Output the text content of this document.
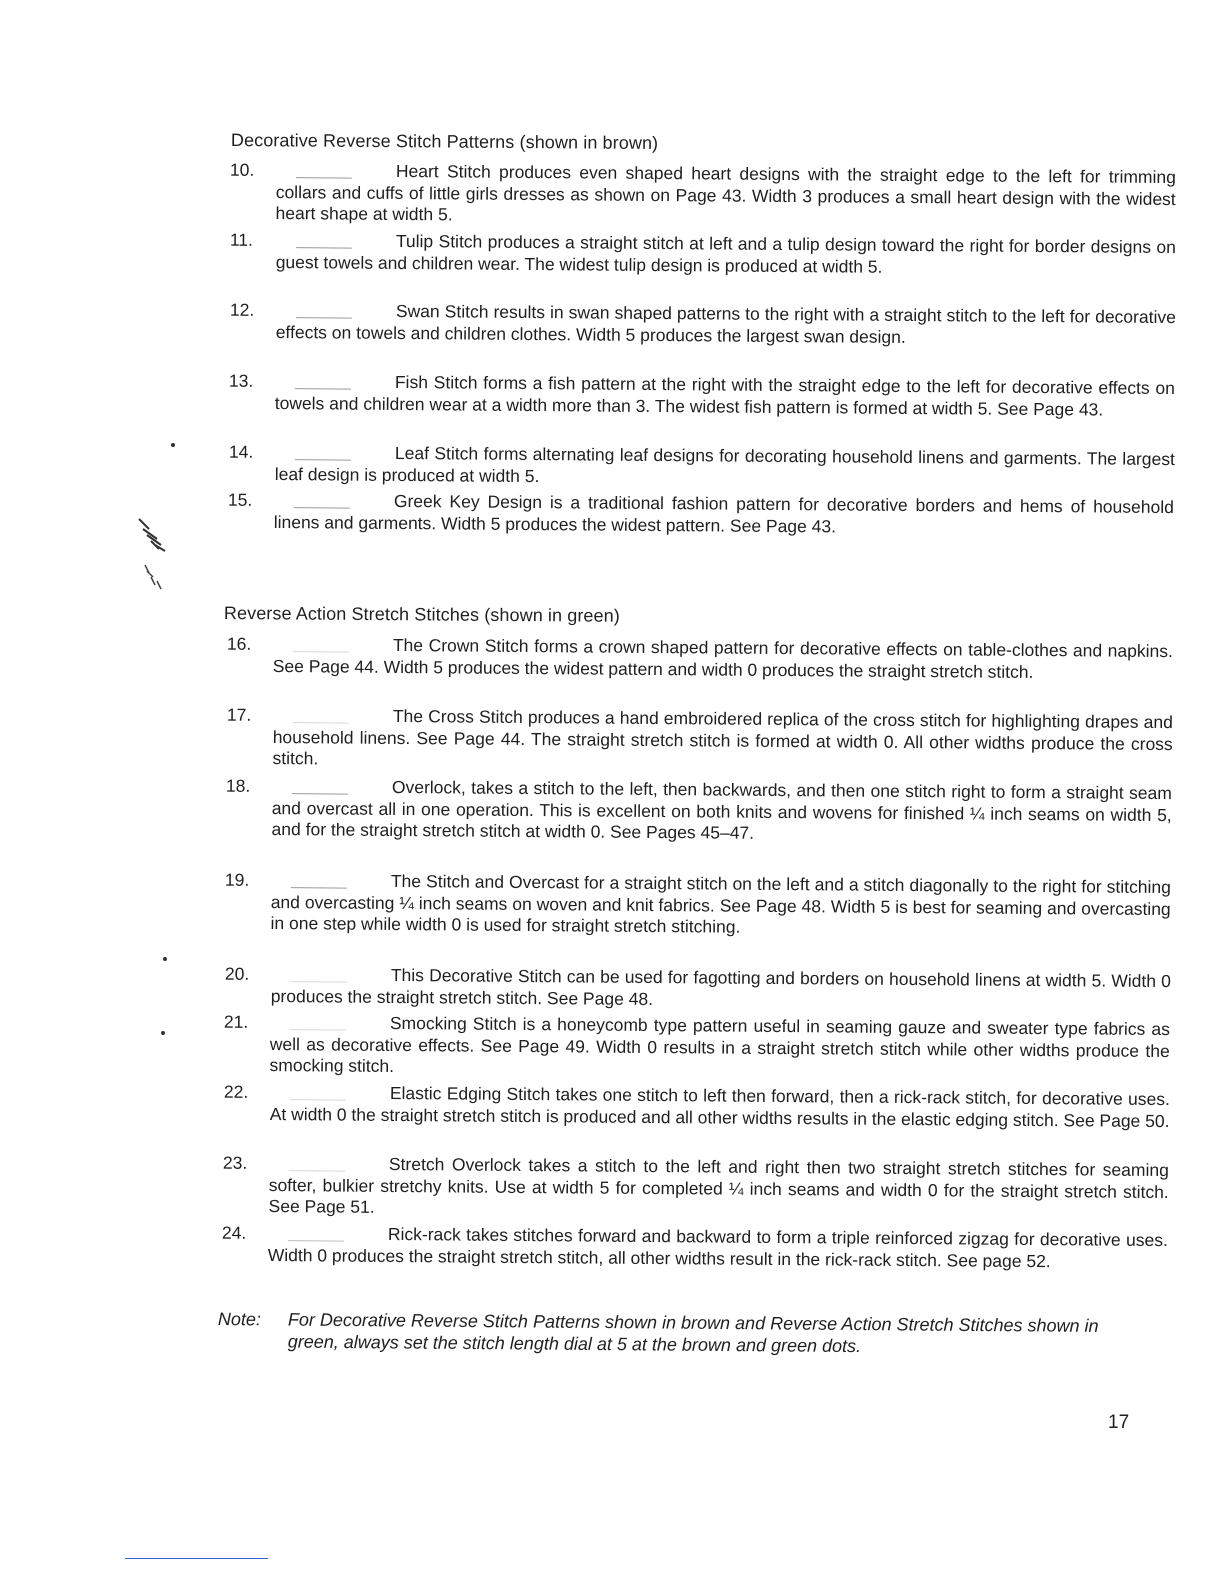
Decorative Reverse Stitch Patterns (shown in brown)
10.	Heart Stitch produces even shaped heart designs with the straight edge to the left for trimming collars and cuffs of little girls dresses as shown on Page 43. Width 3 produces a small heart design with the widest heart shape at width 5.
11.	Tulip Stitch produces a straight stitch at left and a tulip design toward the right for border designs on guest towels and children wear. The widest tulip design is produced at width 5.
12.	Swan Stitch results in swan shaped patterns to the right with a straight stitch to the left for decorative effects on towels and children clothes. Width 5 produces the largest swan design.
13.	Fish Stitch forms a fish pattern at the right with the straight edge to the left for decorative effects on towels and children wear at a width more than 3. The widest fish pattern is formed at width 5. See Page 43.
14.	Leaf Stitch forms alternating leaf designs for decorating household linens and garments. The largest leaf design is produced at width 5.
15.	Greek Key Design is a traditional fashion pattern for decorative borders and hems of household linens and garments. Width 5 produces the widest pattern. See Page 43.
Reverse Action Stretch Stitches (shown in green)
16.	The Crown Stitch forms a crown shaped pattern for decorative effects on table-clothes and napkins. See Page 44. Width 5 produces the widest pattern and width 0 produces the straight stretch stitch.
17.	The Cross Stitch produces a hand embroidered replica of the cross stitch for highlighting drapes and household linens. See Page 44. The straight stretch stitch is formed at width 0. All other widths produce the cross stitch.
18.	Overlock, takes a stitch to the left, then backwards, and then one stitch right to form a straight seam and overcast all in one operation. This is excellent on both knits and wovens for finished ¼ inch seams on width 5, and for the straight stretch stitch at width 0. See Pages 45–47.
19.	The Stitch and Overcast for a straight stitch on the left and a stitch diagonally to the right for stitching and overcasting ¼ inch seams on woven and knit fabrics. See Page 48. Width 5 is best for seaming and overcasting in one step while width 0 is used for straight stretch stitching.
20.	This Decorative Stitch can be used for fagotting and borders on household linens at width 5. Width 0 produces the straight stretch stitch. See Page 48.
21.	Smocking Stitch is a honeycomb type pattern useful in seaming gauze and sweater type fabrics as well as decorative effects. See Page 49. Width 0 results in a straight stretch stitch while other widths produce the smocking stitch.
22.	Elastic Edging Stitch takes one stitch to left then forward, then a rick-rack stitch, for decorative uses. At width 0 the straight stretch stitch is produced and all other widths results in the elastic edging stitch. See Page 50.
23.	Stretch Overlock takes a stitch to the left and right then two straight stretch stitches for seaming softer, bulkier stretchy knits. Use at width 5 for completed ¼ inch seams and width 0 for the straight stretch stitch. See Page 51.
24.	Rick-rack takes stitches forward and backward to form a triple reinforced zigzag for decorative uses. Width 0 produces the straight stretch stitch, all other widths result in the rick-rack stitch. See page 52.
Note: For Decorative Reverse Stitch Patterns shown in brown and Reverse Action Stretch Stitches shown in green, always set the stitch length dial at 5 at the brown and green dots.
17
